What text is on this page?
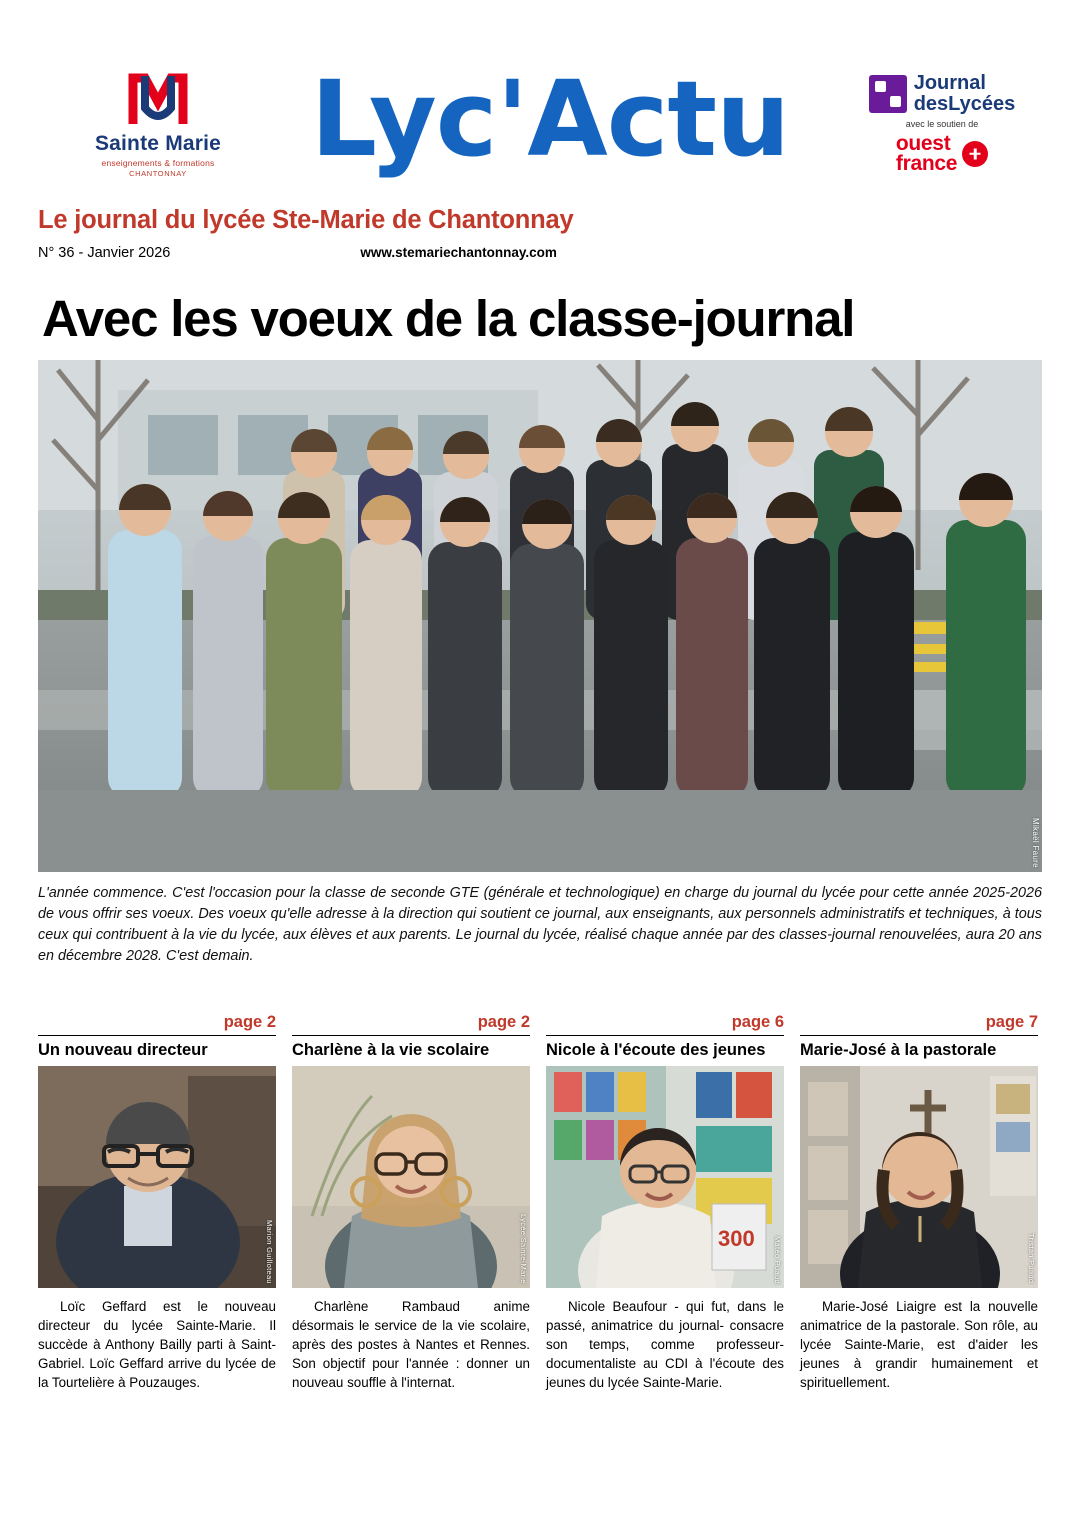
Sainte Marie
enseignements & formations
CHANTONNAY	Lyc'Actu	Journal
desLycées
avec le soutien de
ouest
france
Le journal du lycée Ste-Marie de Chantonnay
N° 36 - Janvier 2026	www.stemariechantonnay.com
Avec les voeux de la classe-journal
Mikaël Faure
L'année commence. C'est l'occasion pour la classe de seconde GTE (générale et technologique) en charge du journal du lycée pour cette année 2025-2026 de vous offrir ses voeux. Des voeux qu'elle adresse à la direction qui soutient ce journal, aux enseignants, aux personnels administratifs et techniques, à tous ceux qui contribuent à la vie du lycée, aux élèves et aux parents. Le journal du lycée, réalisé chaque année par des classes-journal renouvelées, aura 20 ans en décembre 2028. C'est demain.
page 2
Un nouveau directeur
Marion Guilloteau
Loïc Geffard est le nouveau directeur du lycée Sainte-Marie. Il succède à Anthony Bailly parti à Saint-Gabriel. Loïc Geffard arrive du lycée de la Tourtelière à Pouzauges.
page 2
Charlène à la vie scolaire
Lycée Sainte-Marie
Charlène Rambaud anime désormais le service de la vie scolaire, après des postes à Nantes et Rennes. Son objectif pour l'année : donner un nouveau souffle à l'internat.
page 6
Nicole à l'écoute des jeunes
300 Matéo Puaud
Nicole Beaufour - qui fut, dans le passé, animatrice du journal- consacre son temps, comme professeur-documentaliste au CDI à l'écoute des jeunes du lycée Sainte-Marie.
page 7
Marie-José à la pastorale
Tristan Puaud
Marie-José Liaigre est la nouvelle animatrice de la pastorale. Son rôle, au lycée Sainte-Marie, est d'aider les jeunes à grandir humainement et spirituellement.
